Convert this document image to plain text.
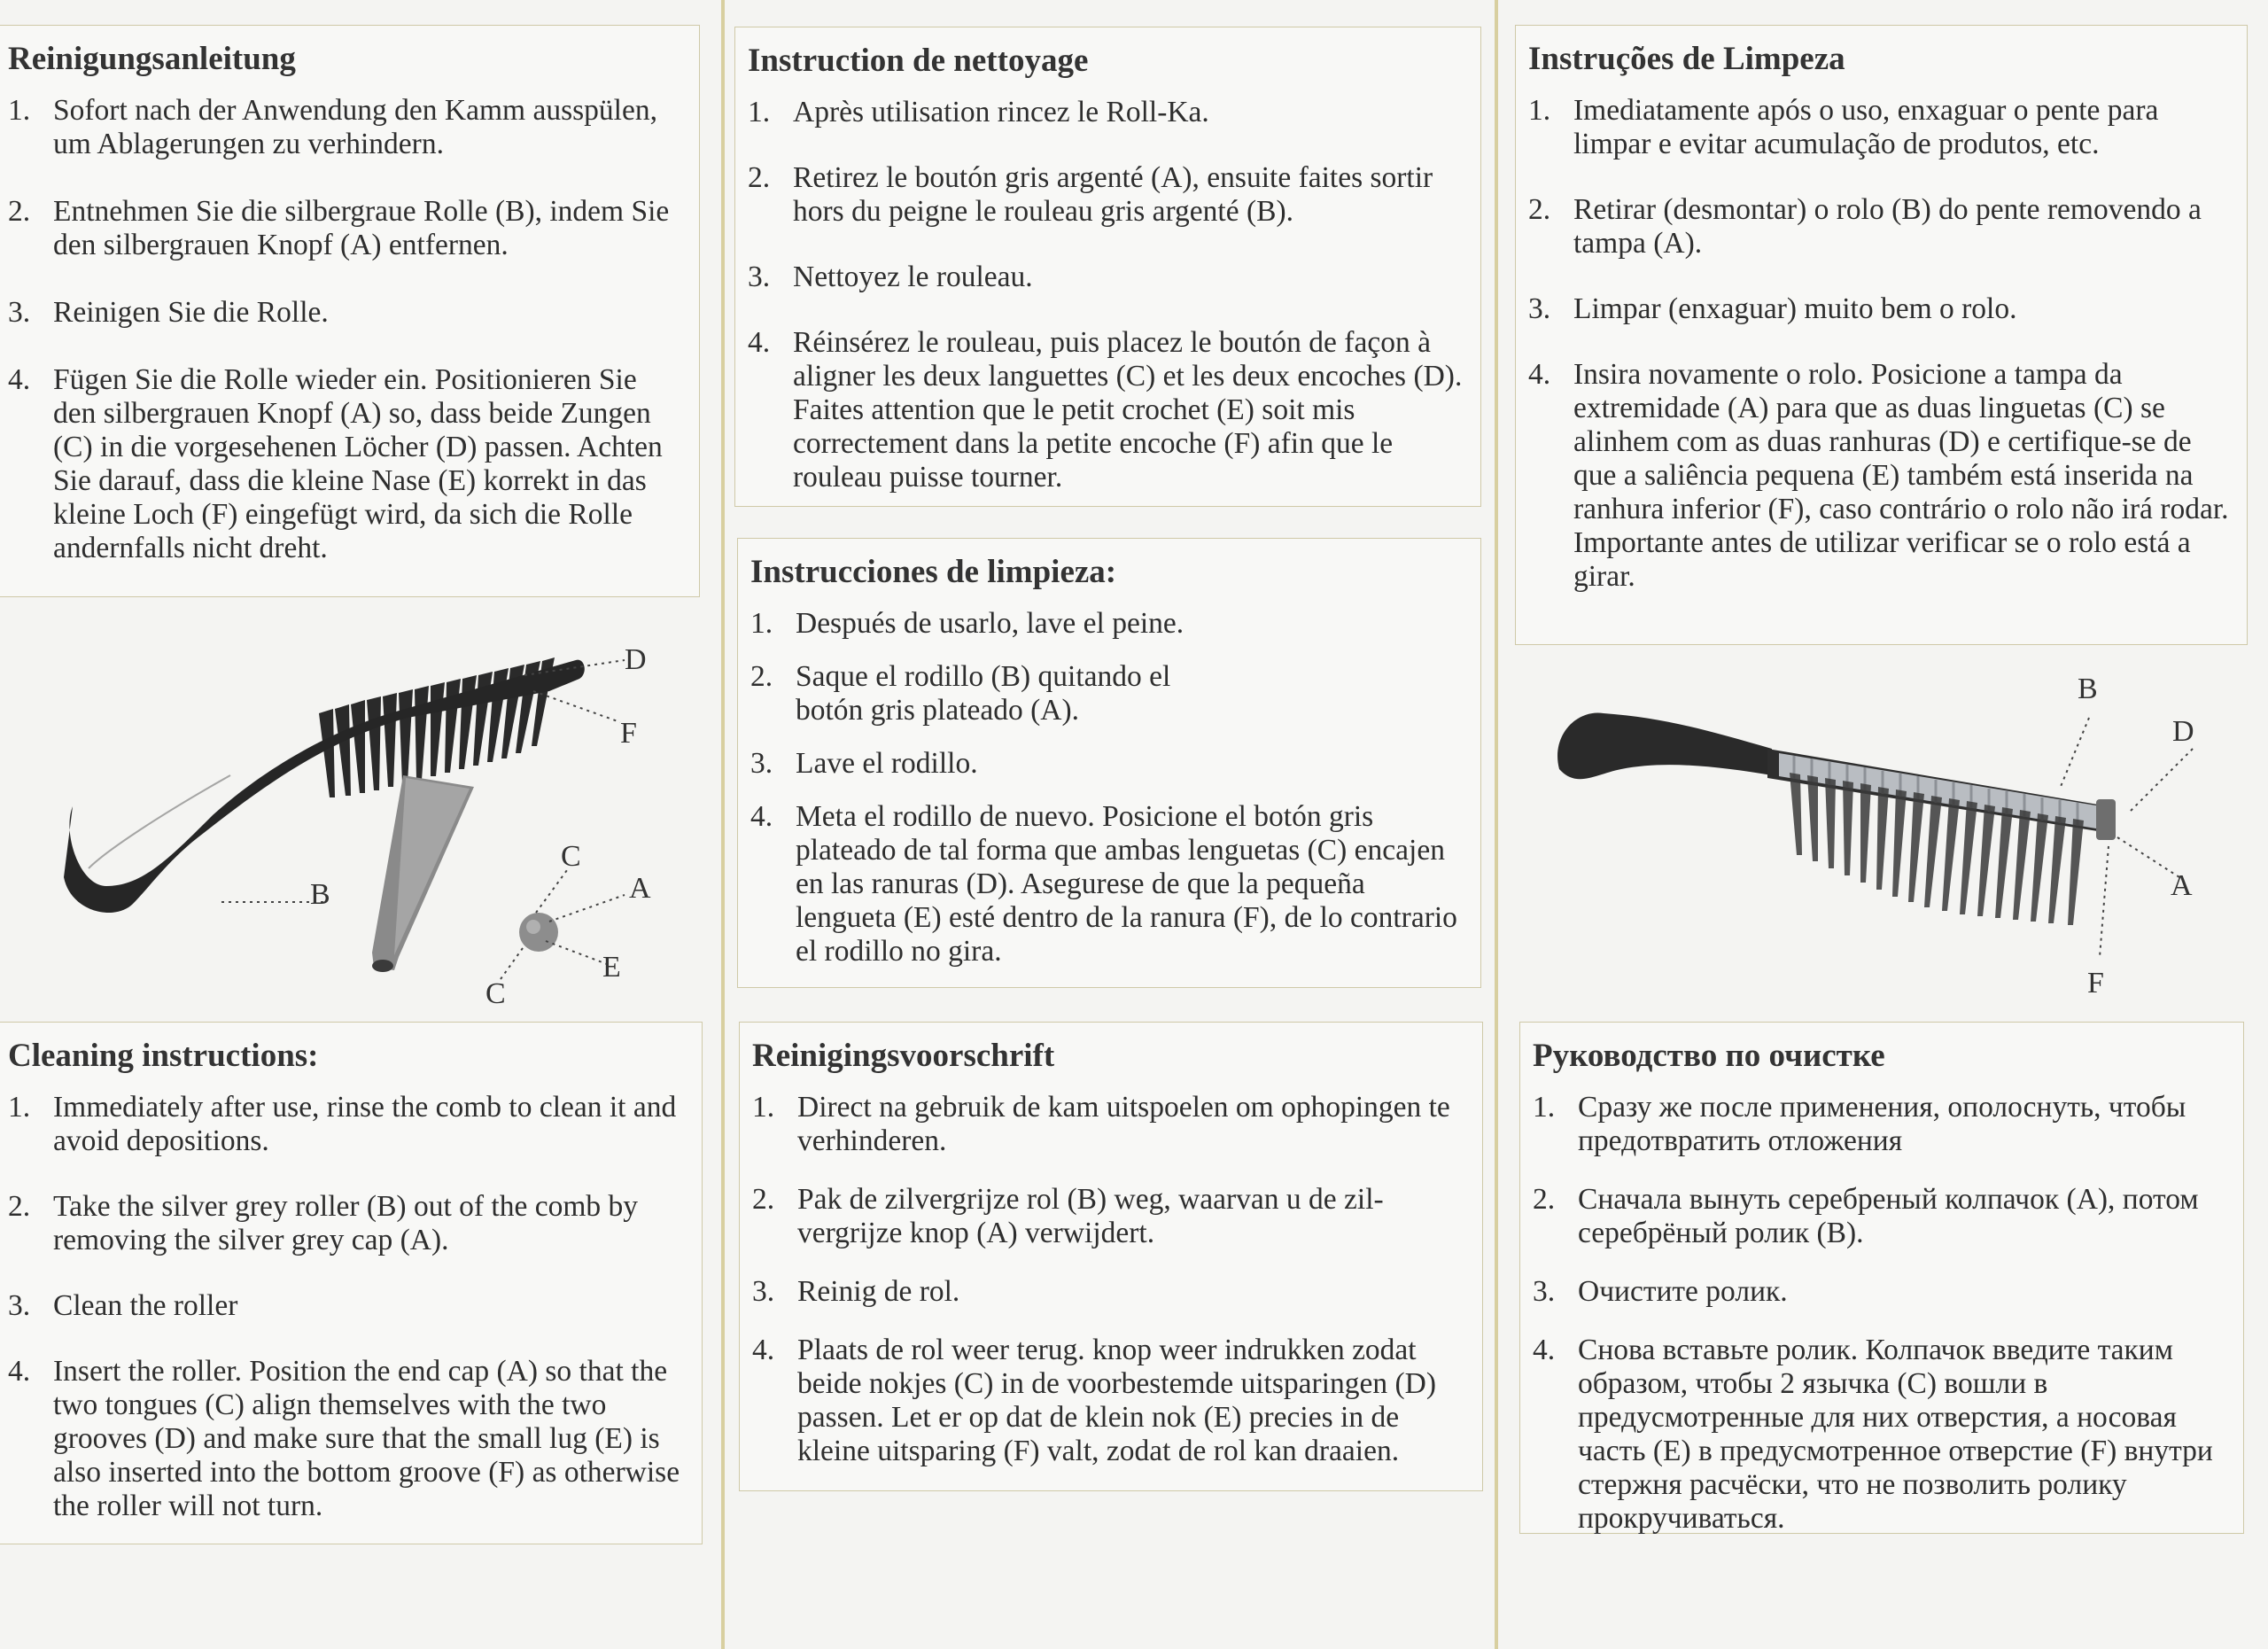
Reinigungsanleitung
1. Sofort nach der Anwendung den Kamm ausspülen, um Ablagerungen zu verhindern.
2. Entnehmen Sie die silbergraue Rolle (B), indem Sie den silbergrauen Knopf (A) entfernen.
3. Reinigen Sie die Rolle.
4. Fügen Sie die Rolle wieder ein. Positionieren Sie den silbergrauen Knopf (A) so, dass beide Zungen (C) in die vorgesehenen Löcher (D) passen. Achten Sie darauf, dass die kleine Nase (E) korrekt in das kleine Loch (F) eingefügt wird, da sich die Rolle andernfalls nicht dreht.
D
F
B
C
A
E
C
Cleaning instructions:
1. Immediately after use, rinse the comb to clean it and avoid depositions.
2. Take the silver grey roller (B) out of the comb by removing the silver grey cap (A).
3. Clean the roller
4. Insert the roller. Position the end cap (A) so that the two tongues (C) align themselves with the two grooves (D) and make sure that the small lug (E) is also inserted into the bottom groove (F) as otherwise the roller will not turn.
Instruction de nettoyage
1. Après utilisation rincez le Roll-Ka.
2. Retirez le boutón gris argenté (A), ensuite faites sortir hors du peigne le rouleau gris argenté (B).
3. Nettoyez le rouleau.
4. Réinsérez le rouleau, puis placez le boutón de façon à aligner les deux languettes (C) et les deux encoches (D). Faites attention que le petit crochet (E) soit mis correctement dans la petite encoche (F) afin que le rouleau puisse tourner.
Instrucciones de limpieza:
1. Después de usarlo, lave el peine.
2. Saque el rodillo (B) quitando el botón gris plateado (A).
3. Lave el rodillo.
4. Meta el rodillo de nuevo. Posicione el botón gris plateado de tal forma que ambas lenguetas (C) encajen en las ranuras (D). Asegurese de que la pequeña lengueta (E) esté dentro de la ranura (F), de lo contrario el rodillo no gira.
Reinigingsvoorschrift
1. Direct na gebruik de kam uitspoelen om ophopingen te verhinderen.
2. Pak de zilvergrijze rol (B) weg, waarvan u de zilvergrijze knop (A) verwijdert.
3. Reinig de rol.
4. Plaats de rol weer terug. knop weer indrukken zodat beide nokjes (C) in de voorbestemde uitsparingen (D) passen. Let er op dat de klein nok (E) precies in de kleine uitsparing (F) valt, zodat de rol kan draaien.
Instruções de Limpeza
1. Imediatamente após o uso, enxaguar o pente para limpar e evitar acumulação de produtos, etc.
2. Retirar (desmontar) o rolo (B) do pente removendo a tampa (A).
3. Limpar (enxaguar) muito bem o rolo.
4. Insira novamente o rolo. Posicione a tampa da extremidade (A) para que as duas linguetas (C) se alinhem com as duas ranhuras (D) e certifique-se de que a saliência pequena (E) também está inserida na ranhura inferior (F), caso contrário o rolo não irá rodar. Importante antes de utilizar verificar se o rolo está a girar.
B
D
A
F
Руководство по очистке
1. Сразу же после применения, ополоснуть, чтобы предотвратить отложения
2. Сначала вынуть серебреный колпачок (А), потом серебрёный ролик (В).
3. Очистите ролик.
4. Снова вставьте ролик. Колпачок введите таким образом, чтобы 2 язычка (С) вошли в предусмотренные для них отверстия, а носовая часть (Е) в предусмотренное отверстие (F) внутри стержня расчёски, что не позволить ролику прокручиваться.
